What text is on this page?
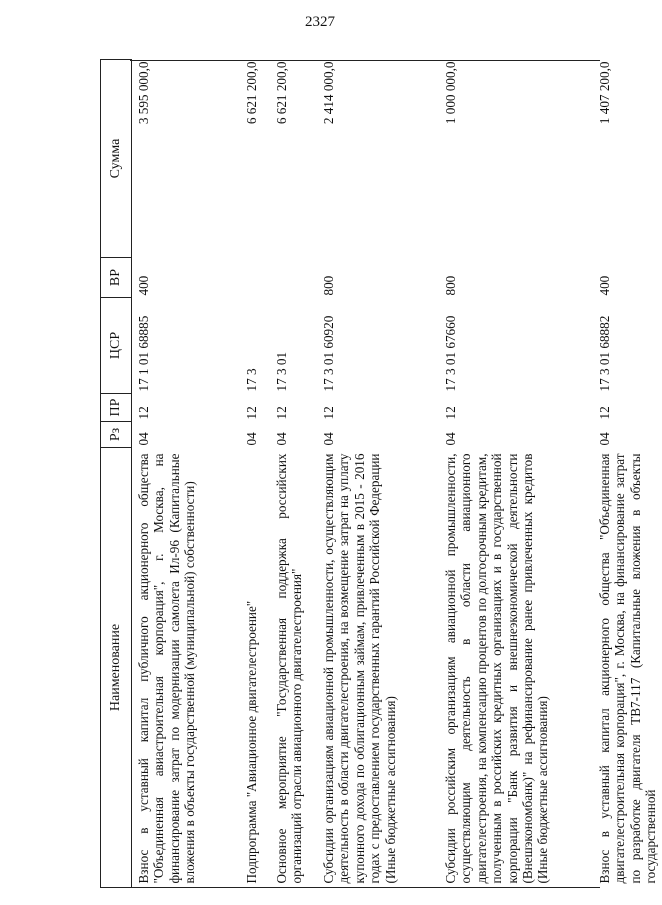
2327
Наименование	Рз	ПР	ЦСР	ВР	Сумма
Взнос в уставный капитал публичного акционерного общества "Объединенная авиастроительная корпорация", г. Москва, на финансирование затрат по модернизации самолета Ил-96 (Капитальные вложения в объекты государственной (муниципальной) собственности)	04	12	17 1 01 68885	400	3 595 000,0
Подпрограмма "Авиационное двигателестроение"	04	12	17 3		6 621 200,0
Основное мероприятие "Государственная поддержка российских организаций отрасли авиационного двигателестроения"	04	12	17 3 01		6 621 200,0
Субсидии организациям авиационной промышленности, осуществляющим деятельность в области двигателестроения, на возмещение затрат на уплату купонного дохода по облигационным займам, привлеченным в 2015 - 2016 годах с предоставлением государственных гарантий Российской Федерации (Иные бюджетные ассигнования)	04	12	17 3 01 60920	800	2 414 000,0
Субсидии российским организациям авиационной промышленности, осуществляющим деятельность в области авиационного двигателестроения, на компенсацию процентов по долгосрочным кредитам, полученным в российских кредитных организациях и в государственной корпорации "Банк развития и внешнеэкономической деятельности (Внешэкономбанк)" на рефинансирование ранее привлеченных кредитов (Иные бюджетные ассигнования)	04	12	17 3 01 67660	800	1 000 000,0
Взнос в уставный капитал акционерного общества "Объединенная двигателестроительная корпорация", г. Москва, на финансирование затрат по разработке двигателя ТВ7-117 (Капитальные вложения в объекты государственной	04	12	17 3 01 68882	400	1 407 200,0
